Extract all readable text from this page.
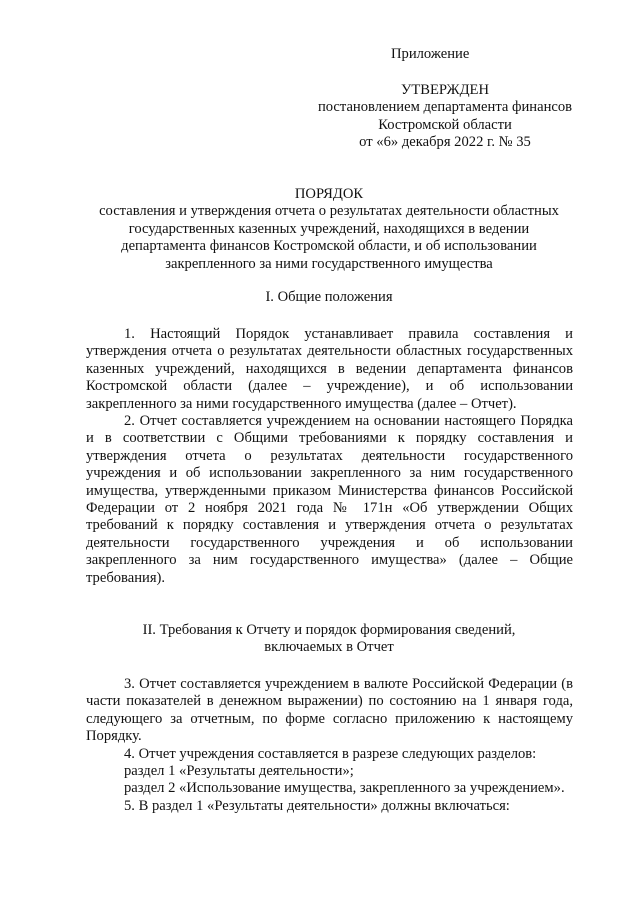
Приложение
УТВЕРЖДЕН
постановлением департамента финансов
Костромской области
от «6» декабря 2022 г. № 35
ПОРЯДОК
составления и утверждения отчета о результатах деятельности областных
государственных казенных учреждений, находящихся в ведении
департамента финансов Костромской области, и об использовании
закрепленного за ними государственного имущества
I. Общие положения

1. Настоящий Порядок устанавливает правила составления и утверждения отчета о результатах деятельности областных государственных казенных учреждений, находящихся в ведении департамента финансов Костромской области (далее – учреждение), и об использовании закрепленного за ними государственного имущества (далее – Отчет).

2. Отчет составляется учреждением на основании настоящего Порядка и в соответствии с Общими требованиями к порядку составления и утверждения отчета о результатах деятельности государственного учреждения и об использовании закрепленного за ним государственного имущества, утвержденными приказом Министерства финансов Российской Федерации от 2 ноября 2021 года № 171н «Об утверждении Общих требований к порядку составления и утверждения отчета о результатах деятельности государственного учреждения и об использовании закрепленного за ним государственного имущества» (далее – Общие требования).

II. Требования к Отчету и порядок формирования сведений,
включаемых в Отчет

3. Отчет составляется учреждением в валюте Российской Федерации (в части показателей в денежном выражении) по состоянию на 1 января года, следующего за отчетным, по форме согласно приложению к настоящему Порядку.

4. Отчет учреждения составляется в разрезе следующих разделов:

раздел 1 «Результаты деятельности»;

раздел 2 «Использование имущества, закрепленного за учреждением».

5. В раздел 1 «Результаты деятельности» должны включаться:
